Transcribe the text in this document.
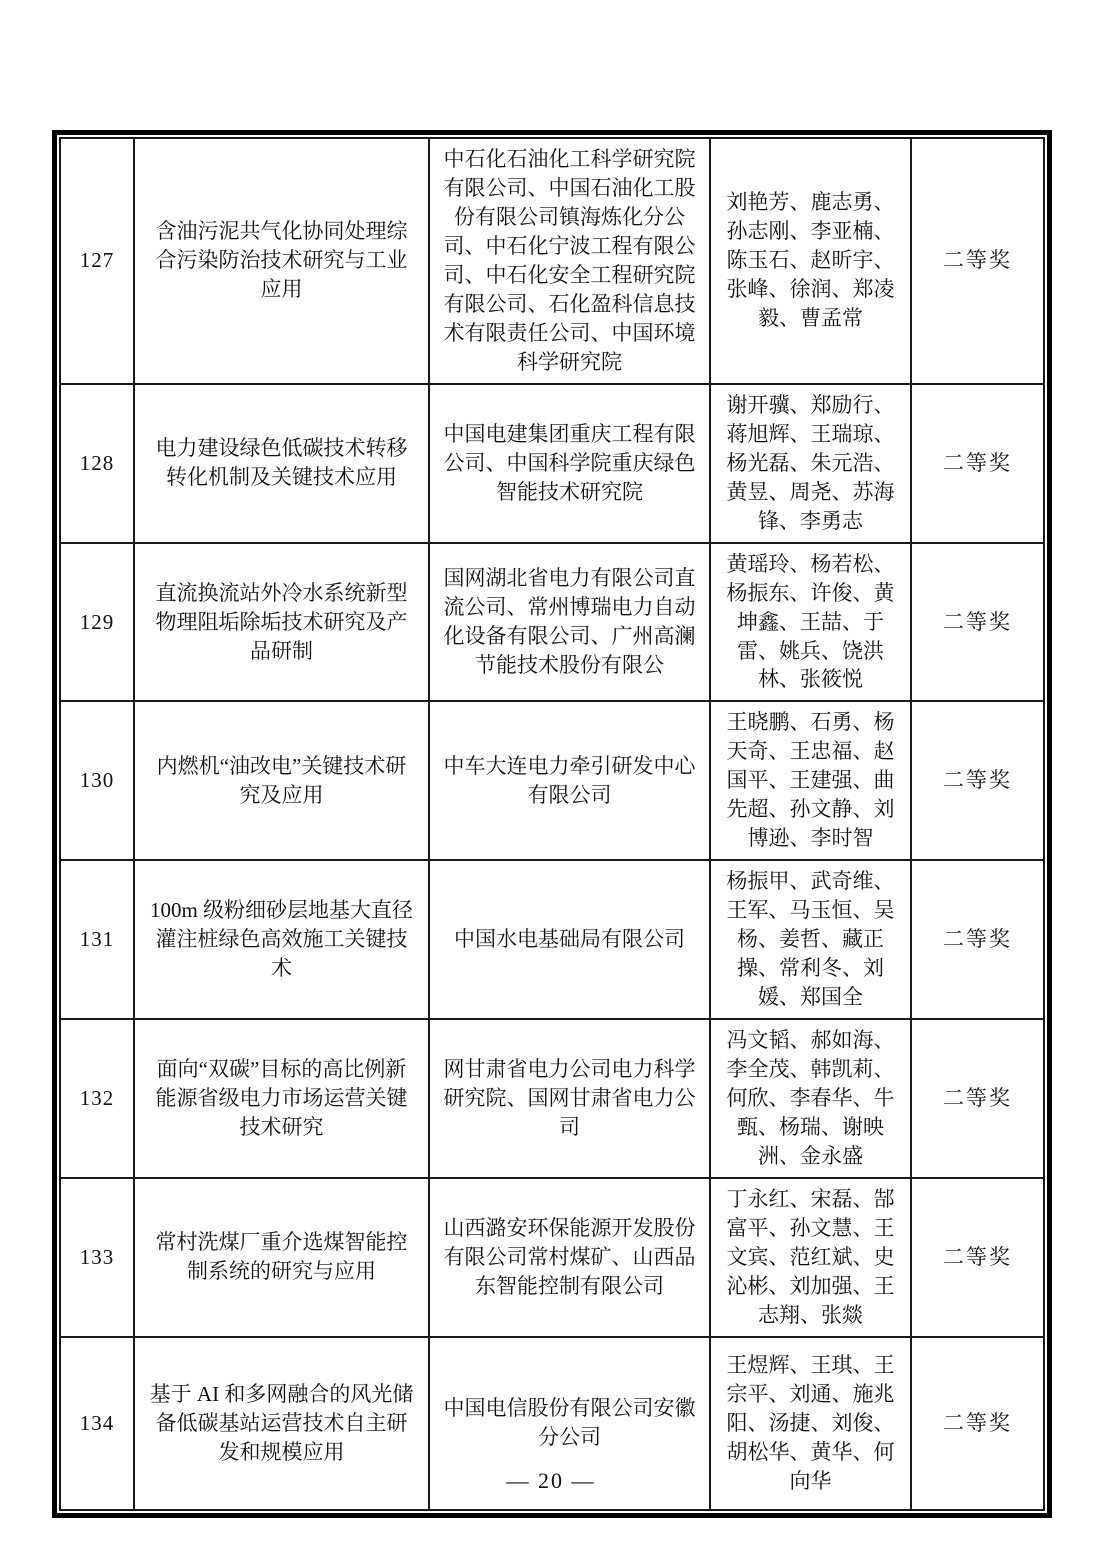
127	含油污泥共气化协同处理综合污染防治技术研究与工业应用	中石化石油化工科学研究院有限公司、中国石油化工股份有限公司镇海炼化分公司、中石化宁波工程有限公司、中石化安全工程研究院有限公司、石化盈科信息技术有限责任公司、中国环境科学研究院	刘艳芳、鹿志勇、孙志刚、李亚楠、陈玉石、赵昕宇、张峰、徐润、郑凌毅、曹孟常	二等奖
128	电力建设绿色低碳技术转移转化机制及关键技术应用	中国电建集团重庆工程有限公司、中国科学院重庆绿色智能技术研究院	谢开骥、郑励行、蒋旭辉、王瑞琼、杨光磊、朱元浩、黄昱、周尧、苏海锋、李勇志	二等奖
129	直流换流站外冷水系统新型物理阻垢除垢技术研究及产品研制	国网湖北省电力有限公司直流公司、常州博瑞电力自动化设备有限公司、广州高澜节能技术股份有限公	黄瑶玲、杨若松、杨振东、许俊、黄坤鑫、王喆、于雷、姚兵、饶洪林、张筱悦	二等奖
130	内燃机“油改电”关键技术研究及应用	中车大连电力牵引研发中心有限公司	王晓鹏、石勇、杨天奇、王忠福、赵国平、王建强、曲先超、孙文静、刘博逊、李时智	二等奖
131	100m 级粉细砂层地基大直径灌注桩绿色高效施工关键技术	中国水电基础局有限公司	杨振甲、武奇维、王军、马玉恒、吴杨、姜哲、藏正操、常利冬、刘媛、郑国全	二等奖
132	面向“双碳”目标的高比例新能源省级电力市场运营关键技术研究	网甘肃省电力公司电力科学研究院、国网甘肃省电力公司	冯文韬、郝如海、李全茂、韩凯莉、何欣、李春华、牛甄、杨瑞、谢映洲、金永盛	二等奖
133	常村洗煤厂重介选煤智能控制系统的研究与应用	山西潞安环保能源开发股份有限公司常村煤矿、山西品东智能控制有限公司	丁永红、宋磊、郜富平、孙文慧、王文宾、范红斌、史沁彬、刘加强、王志翔、张燚	二等奖
134	基于 AI 和多网融合的风光储备低碳基站运营技术自主研发和规模应用	中国电信股份有限公司安徽分公司	王煜辉、王琪、王宗平、刘通、施兆阳、汤捷、刘俊、胡松华、黄华、何向华	二等奖
— 20 —
